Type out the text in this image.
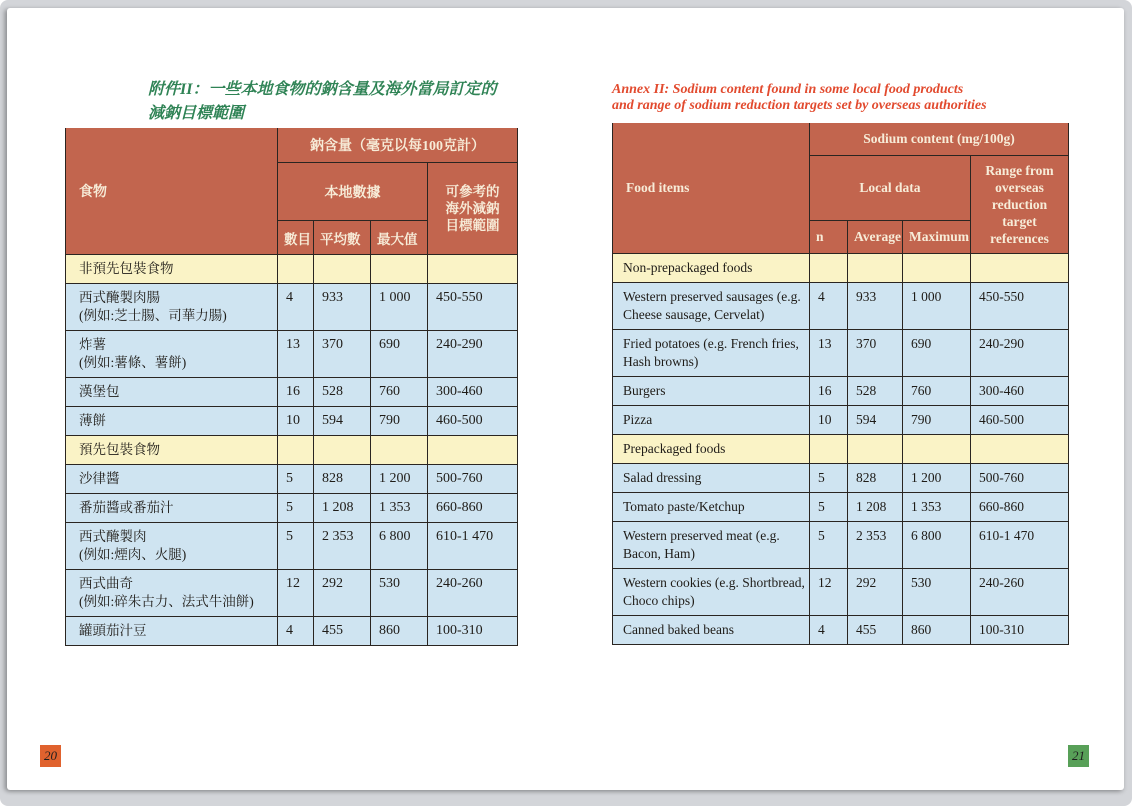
附件II：一些本地食物的鈉含量及海外當局訂定的
減鈉目標範圍
食物	鈉含量（毫克以每100克計）			
	本地數據			可參考的
海外減鈉
目標範圍

	數目	平均數	最大值	

非預先包裝食物				

西式醃製肉腸
(例如:芝士腸、司華力腸)	4	933	1 000	450-550

炸薯
(例如:薯條、薯餅)	13	370	690	240-290

漢堡包	16	528	760	300-460

薄餅	10	594	790	460-500

預先包裝食物				

沙律醬	5	828	1 200	500-760

番茄醬或番茄汁	5	1 208	1 353	660-860

西式醃製肉
(例如:煙肉、火腿)	5	2 353	6 800	610-1 470

西式曲奇
(例如:碎朱古力、法式牛油餅)	12	292	530	240-260

罐頭茄汁豆	4	455	860	100-310
Annex II: Sodium content found in some local food products
and range of sodium reduction targets set by overseas authorities
Food items	Sodium content (mg/100g)			
	Local data			Range from
overseas
reduction
target references

	n	Average	Maximum	

Non-prepackaged foods				

Western preserved sausages (e.g. Cheese sausage, Cervelat)	4	933	1 000	450-550

Fried potatoes (e.g. French fries, Hash browns)	13	370	690	240-290

Burgers	16	528	760	300-460

Pizza	10	594	790	460-500

Prepackaged foods				

Salad dressing	5	828	1 200	500-760

Tomato paste/Ketchup	5	1 208	1 353	660-860

Western preserved meat (e.g. Bacon, Ham)	5	2 353	6 800	610-1 470

Western cookies (e.g. Shortbread, Choco chips)	12	292	530	240-260

Canned baked beans	4	455	860	100-310
20	21
